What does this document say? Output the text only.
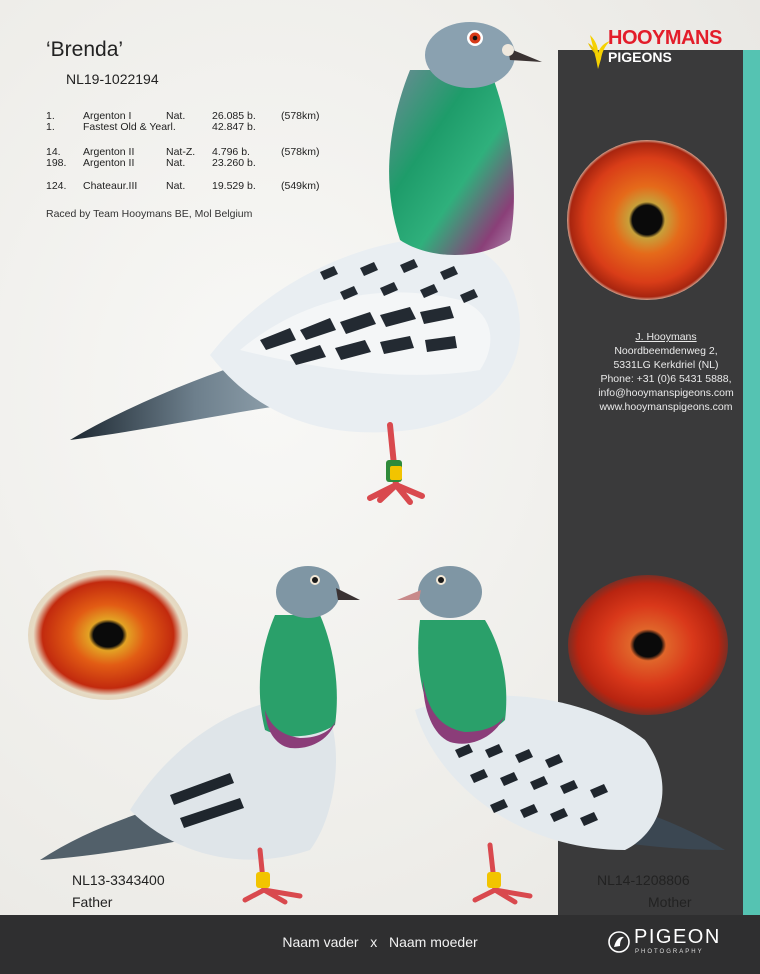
HOOYMANS
PIGEONS
‘Brenda’
NL19-1022194
1.	Argenton I	Nat.	26.085 b. (578km)
1.	Fastest Old & Yearl.	42.847 b.
14. Argenton II	Nat-Z. 4.796 b.	(578km)
198. Argenton II	Nat.	23.260 b.
124. Chateaur.III	Nat.	19.529 b. (549km)
Raced by Team Hooymans BE, Mol Belgium
J. Hooymans
Noordbeemdenweg 2,
5331LG Kerkdriel (NL)
Phone: +31 (0)6 5431 5888,
info@hooymanspigeons.com
www.hooymanspigeons.com
NL13-3343400
Father
NL14-1208806
Mother
Naam vader x Naam moeder	PIGEON
PHOTOGRAPHY
